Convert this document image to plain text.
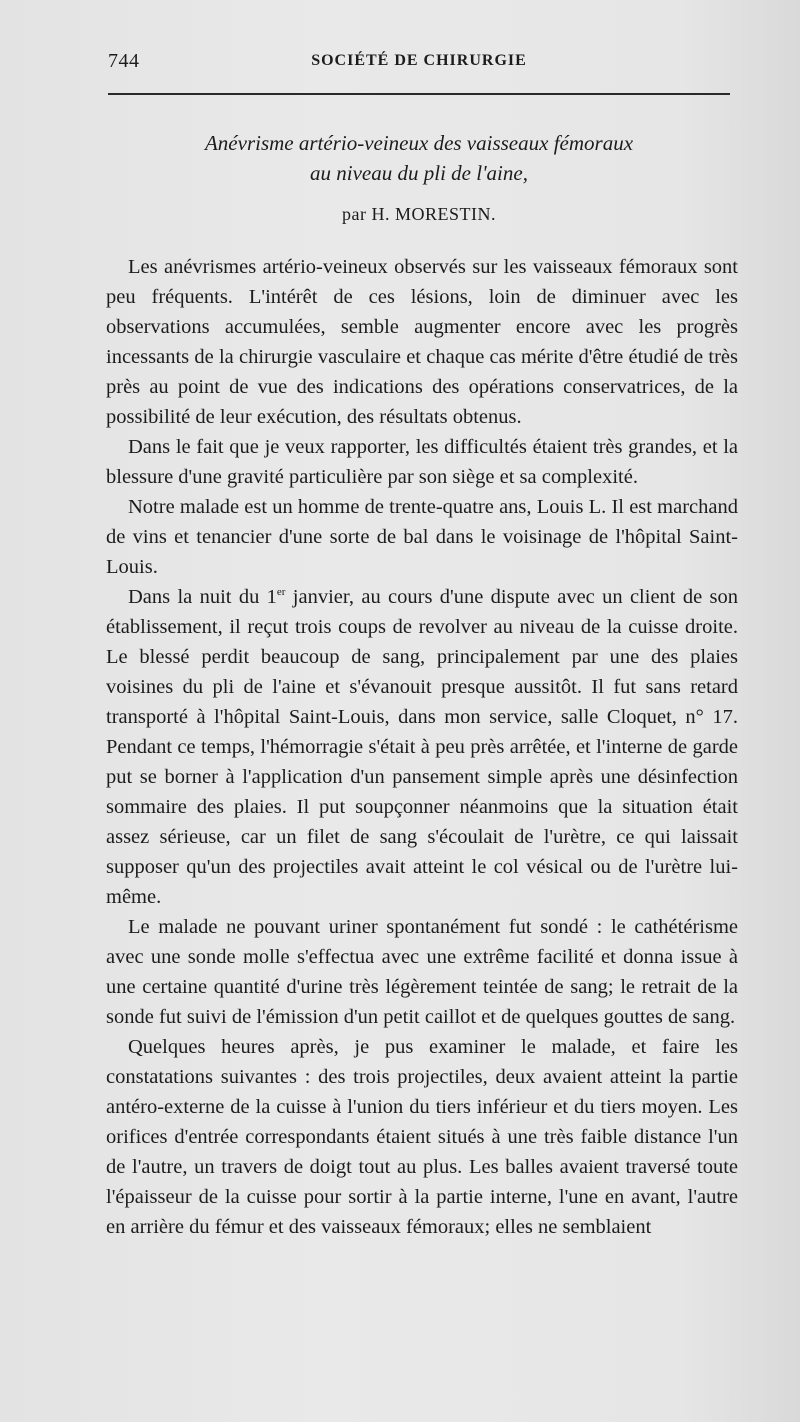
744	SOCIÉTÉ DE CHIRURGIE
Anévrisme artério-veineux des vaisseaux fémoraux
au niveau du pli de l'aine,
par H. MORESTIN.

Les anévrismes artério-veineux observés sur les vaisseaux fémoraux sont peu fréquents. L'intérêt de ces lésions, loin de diminuer avec les observations accumulées, semble augmenter encore avec les progrès incessants de la chirurgie vasculaire et chaque cas mérite d'être étudié de très près au point de vue des indications des opérations conservatrices, de la possibilité de leur exécution, des résultats obtenus.

Dans le fait que je veux rapporter, les difficultés étaient très grandes, et la blessure d'une gravité particulière par son siège et sa complexité.

Notre malade est un homme de trente-quatre ans, Louis L. Il est marchand de vins et tenancier d'une sorte de bal dans le voisinage de l'hôpital Saint-Louis.

Dans la nuit du 1er janvier, au cours d'une dispute avec un client de son établissement, il reçut trois coups de revolver au niveau de la cuisse droite. Le blessé perdit beaucoup de sang, principalement par une des plaies voisines du pli de l'aine et s'évanouit presque aussitôt. Il fut sans retard transporté à l'hôpital Saint-Louis, dans mon service, salle Cloquet, n° 17. Pendant ce temps, l'hémorragie s'était à peu près arrêtée, et l'interne de garde put se borner à l'application d'un pansement simple après une désinfection sommaire des plaies. Il put soupçonner néanmoins que la situation était assez sérieuse, car un filet de sang s'écoulait de l'urètre, ce qui laissait supposer qu'un des projectiles avait atteint le col vésical ou de l'urètre lui-même.

Le malade ne pouvant uriner spontanément fut sondé : le cathétérisme avec une sonde molle s'effectua avec une extrême facilité et donna issue à une certaine quantité d'urine très légèrement teintée de sang; le retrait de la sonde fut suivi de l'émission d'un petit caillot et de quelques gouttes de sang.

Quelques heures après, je pus examiner le malade, et faire les constatations suivantes : des trois projectiles, deux avaient atteint la partie antéro-externe de la cuisse à l'union du tiers inférieur et du tiers moyen. Les orifices d'entrée correspondants étaient situés à une très faible distance l'un de l'autre, un travers de doigt tout au plus. Les balles avaient traversé toute l'épaisseur de la cuisse pour sortir à la partie interne, l'une en avant, l'autre en arrière du fémur et des vaisseaux fémoraux; elles ne semblaient
